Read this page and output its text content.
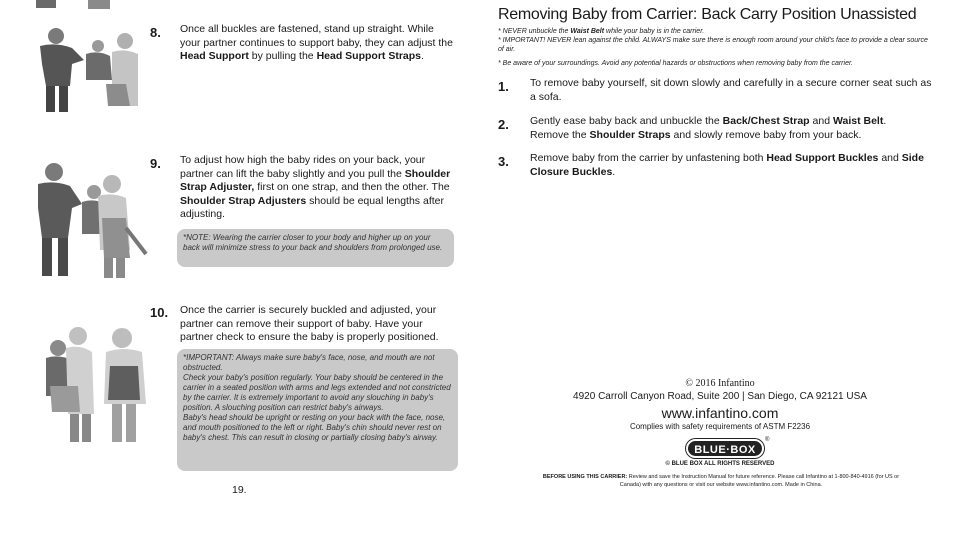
8. Once all buckles are fastened, stand up straight. While your partner continues to support baby, they can adjust the Head Support by pulling the Head Support Straps.
9. To adjust how high the baby rides on your back, your partner can lift the baby slightly and you pull the Shoulder Strap Adjuster, first on one strap, and then the other. The Shoulder Strap Adjusters should be equal lengths after adjusting.

*NOTE: Wearing the carrier closer to your body and higher up on your back will minimize stress to your back and shoulders from prolonged use.

10. Once the carrier is securely buckled and adjusted, your partner can remove their support of baby. Have your partner check to ensure the baby is properly positioned.

*IMPORTANT: Always make sure baby's face, nose, and mouth are not obstructed.

Check your baby's position regularly. Your baby should be centered in the carrier in a seated position with arms and legs extended and not constricted by the carrier. It is extremely important to avoid any slouching in baby's position. A slouching position can restrict baby's airways.

Baby's head should be upright or resting on your back with the face, nose, and mouth positioned to the left or right. Baby's chin should never rest on baby's chest. This can result in closing or partially closing baby's airway.

19.
Removing Baby from Carrier: Back Carry Position Unassisted

* NEVER unbuckle the Waist Belt while your baby is in the carrier.

* IMPORTANT! NEVER lean against the child. ALWAYS make sure there is enough room around your child's face to provide a clear source of air.

* Be aware of your surroundings. Avoid any potential hazards or obstructions when removing baby from the carrier.

1. To remove baby yourself, sit down slowly and carefully in a secure corner seat such as a sofa.
2. Gently ease baby back and unbuckle the Back/Chest Strap and Waist Belt. Remove the Shoulder Straps and slowly remove baby from your back.
3. Remove baby from the carrier by unfastening both Head Support Buckles and Side Closure Buckles.
© 2016 Infantino
4920 Carroll Canyon Road, Suite 200 | San Diego, CA 92121 USA
www.infantino.com
Complies with safety requirements of ASTM F2236
BLUE·BOX
®
© BLUE BOX ALL RIGHTS RESERVED
BEFORE USING THIS CARRIER: Review and save the Instruction Manual for future reference. Please call Infantino at 1-800-840-4916 (for US or Canada) with any questions or visit our website www.infantino.com. Made in China.
